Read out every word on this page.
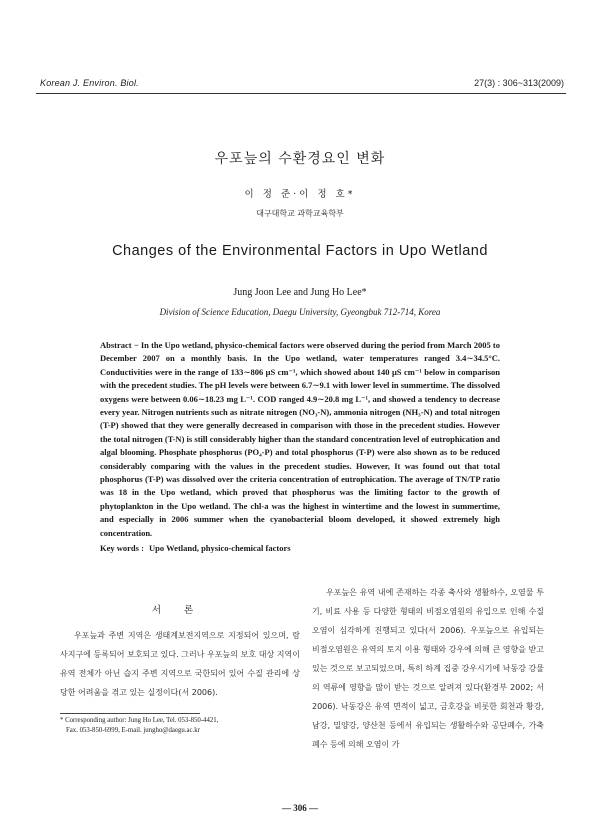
Korean J. Environ. Biol.	27(3) : 306~313(2009)
우포늪의 수환경요인 변화
이 정 준·이 정 호*
대구대학교 과학교육학부
Changes of the Environmental Factors in Upo Wetland
Jung Joon Lee and Jung Ho Lee*
Division of Science Education, Daegu University, Gyeongbuk 712-714, Korea
Abstract − In the Upo wetland, physico-chemical factors were observed during the period from March 2005 to December 2007 on a monthly basis. In the Upo wetland, water temperatures ranged 3.4∼34.5°C. Conductivities were in the range of 133∼806 μS cm⁻¹, which showed about 140 μS cm⁻¹ below in comparison with the precedent studies. The pH levels were between 6.7∼9.1 with lower level in summertime. The dissolved oxygens were between 0.06∼18.23 mg L⁻¹. COD ranged 4.9∼20.8 mg L⁻¹, and showed a tendency to decrease every year. Nitrogen nutrients such as nitrate nitrogen (NO₃-N), ammonia nitrogen (NH₃-N) and total nitrogen (T-P) showed that they were generally decreased in comparison with those in the precedent studies. However the total nitrogen (T-N) is still considerably higher than the standard concentration level of eutrophication and algal blooming. Phosphate phosphorus (PO₄-P) and total phosphorus (T-P) were also shown as to be reduced considerably comparing with the values in the precedent studies. However, It was found out that total phosphorus (T-P) was dissolved over the criteria concentration of eutrophication. The average of TN/TP ratio was 18 in the Upo wetland, which proved that phosphorus was the limiting factor to the growth of phytoplankton in the Upo wetland. The chl-a was the highest in wintertime and the lowest in summertime, and especially in 2006 summer when the cyanobacterial bloom developed, it showed extremely high concentration.
Key words : Upo Wetland, physico-chemical factors
서 론

우포늪과 주변 지역은 생태계보전지역으로 지정되어 있으며, 람사지구에 등록되어 보호되고 있다. 그러나 우포늪의 보호 대상 지역이 유역 전체가 아닌 습지 주변 지역으로 국한되어 있어 수질 관리에 상당한 어려움을 겪고 있는 실정이다(서 2006).

우포늪은 유역 내에 존재하는 각종 축사와 생활하수, 오염물 투기, 비료 사용 등 다양한 형태의 비점오염원의 유입으로 인해 수질오염이 심각하게 진행되고 있다(서 2006). 우포늪으로 유입되는 비점오염원은 유역의 토지 이용 형태와 강우에 의해 큰 영향을 받고 있는 것으로 보고되었으며, 특히 하계 집중 강우시기에 낙동강 강물의 역류에 영향을 많이 받는 것으로 알려져 있다(환경부 2002; 서 2006). 낙동강은 유역 면적이 넓고, 금호강을 비롯한 회천과 황강, 남강, 밀양강, 양산천 등에서 유입되는 생활하수와 공단폐수, 가축폐수 등에 의해 오염이 가

* Corresponding author: Jung Ho Lee, Tel. 053-850-4421,
Fax. 053-850-6999, E-mail. jungho@daegu.ac.kr
— 306 —
